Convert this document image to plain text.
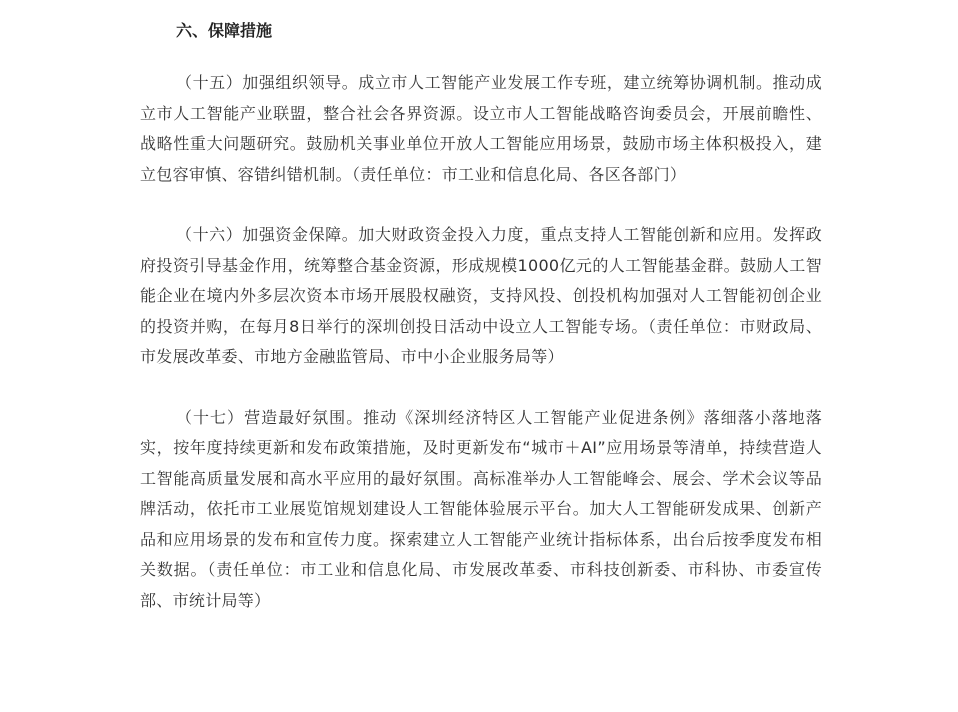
六、保障措施

（十五）加强组织领导。成立市人工智能产业发展工作专班，建立统筹协调机制。推动成立市人工智能产业联盟，整合社会各界资源。设立市人工智能战略咨询委员会，开展前瞻性、战略性重大问题研究。鼓励机关事业单位开放人工智能应用场景，鼓励市场主体积极投入，建立包容审慎、容错纠错机制。（责任单位：市工业和信息化局、各区各部门）

（十六）加强资金保障。加大财政资金投入力度，重点支持人工智能创新和应用。发挥政府投资引导基金作用，统筹整合基金资源，形成规模1000亿元的人工智能基金群。鼓励人工智能企业在境内外多层次资本市场开展股权融资，支持风投、创投机构加强对人工智能初创企业的投资并购，在每月8日举行的深圳创投日活动中设立人工智能专场。（责任单位：市财政局、市发展改革委、市地方金融监管局、市中小企业服务局等）

（十七）营造最好氛围。推动《深圳经济特区人工智能产业促进条例》落细落小落地落实，按年度持续更新和发布政策措施，及时更新发布“城市＋AI”应用场景等清单，持续营造人工智能高质量发展和高水平应用的最好氛围。高标准举办人工智能峰会、展会、学术会议等品牌活动，依托市工业展览馆规划建设人工智能体验展示平台。加大人工智能研发成果、创新产品和应用场景的发布和宣传力度。探索建立人工智能产业统计指标体系，出台后按季度发布相关数据。（责任单位：市工业和信息化局、市发展改革委、市科技创新委、市科协、市委宣传部、市统计局等）
